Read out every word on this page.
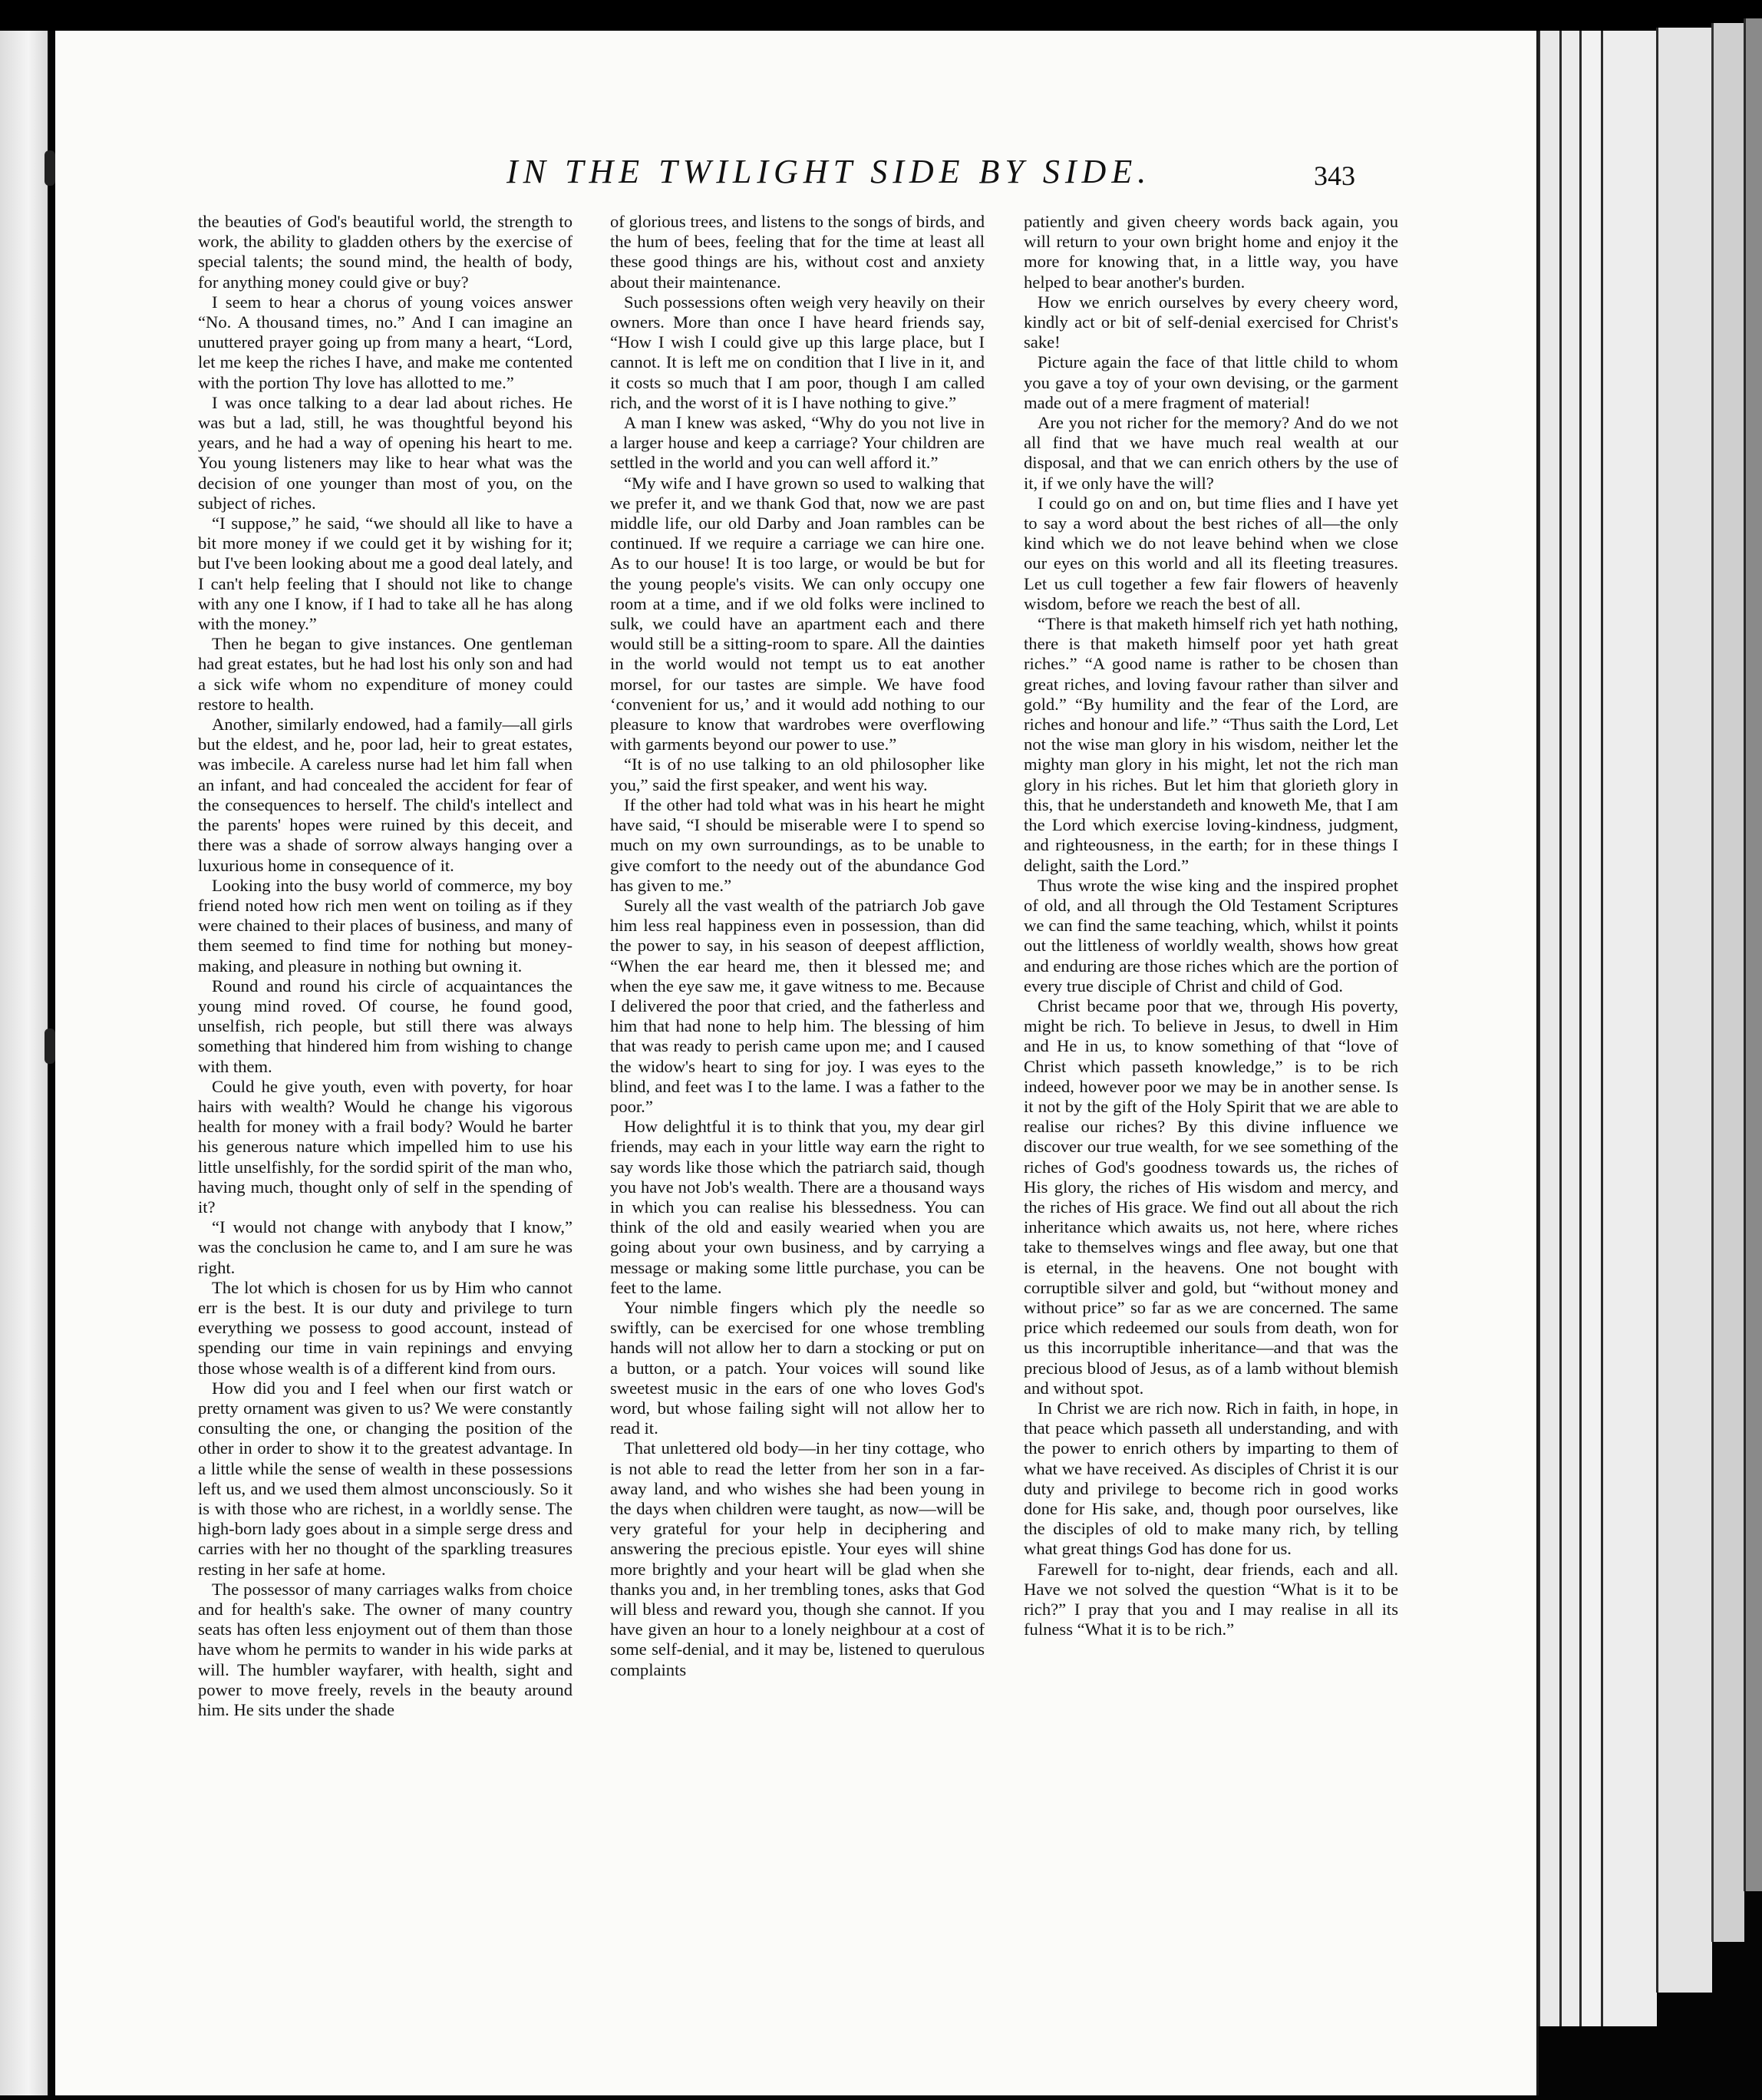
IN THE TWILIGHT SIDE BY SIDE.	343

the beauties of God's beautiful world, the strength to work, the ability to gladden others by the exercise of special talents; the sound mind, the health of body, for anything money could give or buy?

I seem to hear a chorus of young voices answer “No. A thousand times, no.” And I can imagine an unuttered prayer going up from many a heart, “Lord, let me keep the riches I have, and make me contented with the portion Thy love has allotted to me.”

I was once talking to a dear lad about riches. He was but a lad, still, he was thoughtful beyond his years, and he had a way of opening his heart to me. You young listeners may like to hear what was the decision of one younger than most of you, on the subject of riches.

“I suppose,” he said, “we should all like to have a bit more money if we could get it by wishing for it; but I've been looking about me a good deal lately, and I can't help feeling that I should not like to change with any one I know, if I had to take all he has along with the money.”

Then he began to give instances. One gentleman had great estates, but he had lost his only son and had a sick wife whom no expenditure of money could restore to health.

Another, similarly endowed, had a family—all girls but the eldest, and he, poor lad, heir to great estates, was imbecile. A careless nurse had let him fall when an infant, and had concealed the accident for fear of the consequences to herself. The child's intellect and the parents' hopes were ruined by this deceit, and there was a shade of sorrow always hanging over a luxurious home in consequence of it.

Looking into the busy world of commerce, my boy friend noted how rich men went on toiling as if they were chained to their places of business, and many of them seemed to find time for nothing but money-making, and pleasure in nothing but owning it.

Round and round his circle of acquaintances the young mind roved. Of course, he found good, unselfish, rich people, but still there was always something that hindered him from wishing to change with them.

Could he give youth, even with poverty, for hoar hairs with wealth? Would he change his vigorous health for money with a frail body? Would he barter his generous nature which impelled him to use his little unselfishly, for the sordid spirit of the man who, having much, thought only of self in the spending of it?

“I would not change with anybody that I know,” was the conclusion he came to, and I am sure he was right.

The lot which is chosen for us by Him who cannot err is the best. It is our duty and privilege to turn everything we possess to good account, instead of spending our time in vain repinings and envying those whose wealth is of a different kind from ours.

How did you and I feel when our first watch or pretty ornament was given to us? We were constantly consulting the one, or changing the position of the other in order to show it to the greatest advantage. In a little while the sense of wealth in these possessions left us, and we used them almost unconsciously. So it is with those who are richest, in a worldly sense. The high-born lady goes about in a simple serge dress and carries with her no thought of the sparkling treasures resting in her safe at home.

The possessor of many carriages walks from choice and for health's sake. The owner of many country seats has often less enjoyment out of them than those have whom he permits to wander in his wide parks at will. The humbler wayfarer, with health, sight and power to move freely, revels in the beauty around him. He sits under the shade

of glorious trees, and listens to the songs of birds, and the hum of bees, feeling that for the time at least all these good things are his, without cost and anxiety about their maintenance.

Such possessions often weigh very heavily on their owners. More than once I have heard friends say, “How I wish I could give up this large place, but I cannot. It is left me on condition that I live in it, and it costs so much that I am poor, though I am called rich, and the worst of it is I have nothing to give.”

A man I knew was asked, “Why do you not live in a larger house and keep a carriage? Your children are settled in the world and you can well afford it.”

“My wife and I have grown so used to walking that we prefer it, and we thank God that, now we are past middle life, our old Darby and Joan rambles can be continued. If we require a carriage we can hire one. As to our house! It is too large, or would be but for the young people's visits. We can only occupy one room at a time, and if we old folks were inclined to sulk, we could have an apartment each and there would still be a sitting-room to spare. All the dainties in the world would not tempt us to eat another morsel, for our tastes are simple. We have food ‘convenient for us,’ and it would add nothing to our pleasure to know that wardrobes were overflowing with garments beyond our power to use.”

“It is of no use talking to an old philosopher like you,” said the first speaker, and went his way.

If the other had told what was in his heart he might have said, “I should be miserable were I to spend so much on my own surroundings, as to be unable to give comfort to the needy out of the abundance God has given to me.”

Surely all the vast wealth of the patriarch Job gave him less real happiness even in possession, than did the power to say, in his season of deepest affliction, “When the ear heard me, then it blessed me; and when the eye saw me, it gave witness to me. Because I delivered the poor that cried, and the fatherless and him that had none to help him. The blessing of him that was ready to perish came upon me; and I caused the widow's heart to sing for joy. I was eyes to the blind, and feet was I to the lame. I was a father to the poor.”

How delightful it is to think that you, my dear girl friends, may each in your little way earn the right to say words like those which the patriarch said, though you have not Job's wealth. There are a thousand ways in which you can realise his blessedness. You can think of the old and easily wearied when you are going about your own business, and by carrying a message or making some little purchase, you can be feet to the lame.

Your nimble fingers which ply the needle so swiftly, can be exercised for one whose trembling hands will not allow her to darn a stocking or put on a button, or a patch. Your voices will sound like sweetest music in the ears of one who loves God's word, but whose failing sight will not allow her to read it.

That unlettered old body—in her tiny cottage, who is not able to read the letter from her son in a far-away land, and who wishes she had been young in the days when children were taught, as now—will be very grateful for your help in deciphering and answering the precious epistle. Your eyes will shine more brightly and your heart will be glad when she thanks you and, in her trembling tones, asks that God will bless and reward you, though she cannot. If you have given an hour to a lonely neighbour at a cost of some self-denial, and it may be, listened to querulous complaints

patiently and given cheery words back again, you will return to your own bright home and enjoy it the more for knowing that, in a little way, you have helped to bear another's burden.

How we enrich ourselves by every cheery word, kindly act or bit of self-denial exercised for Christ's sake!

Picture again the face of that little child to whom you gave a toy of your own devising, or the garment made out of a mere fragment of material!

Are you not richer for the memory? And do we not all find that we have much real wealth at our disposal, and that we can enrich others by the use of it, if we only have the will?

I could go on and on, but time flies and I have yet to say a word about the best riches of all—the only kind which we do not leave behind when we close our eyes on this world and all its fleeting treasures. Let us cull together a few fair flowers of heavenly wisdom, before we reach the best of all.

“There is that maketh himself rich yet hath nothing, there is that maketh himself poor yet hath great riches.” “A good name is rather to be chosen than great riches, and loving favour rather than silver and gold.” “By humility and the fear of the Lord, are riches and honour and life.” “Thus saith the Lord, Let not the wise man glory in his wisdom, neither let the mighty man glory in his might, let not the rich man glory in his riches. But let him that glorieth glory in this, that he understandeth and knoweth Me, that I am the Lord which exercise loving-kindness, judgment, and righteousness, in the earth; for in these things I delight, saith the Lord.”

Thus wrote the wise king and the inspired prophet of old, and all through the Old Testament Scriptures we can find the same teaching, which, whilst it points out the littleness of worldly wealth, shows how great and enduring are those riches which are the portion of every true disciple of Christ and child of God.

Christ became poor that we, through His poverty, might be rich. To believe in Jesus, to dwell in Him and He in us, to know something of that “love of Christ which passeth knowledge,” is to be rich indeed, however poor we may be in another sense. Is it not by the gift of the Holy Spirit that we are able to realise our riches? By this divine influence we discover our true wealth, for we see something of the riches of God's goodness towards us, the riches of His glory, the riches of His wisdom and mercy, and the riches of His grace. We find out all about the rich inheritance which awaits us, not here, where riches take to themselves wings and flee away, but one that is eternal, in the heavens. One not bought with corruptible silver and gold, but “without money and without price” so far as we are concerned. The same price which redeemed our souls from death, won for us this incorruptible inheritance—and that was the precious blood of Jesus, as of a lamb without blemish and without spot.

In Christ we are rich now. Rich in faith, in hope, in that peace which passeth all understanding, and with the power to enrich others by imparting to them of what we have received. As disciples of Christ it is our duty and privilege to become rich in good works done for His sake, and, though poor ourselves, like the disciples of old to make many rich, by telling what great things God has done for us.

Farewell for to-night, dear friends, each and all. Have we not solved the question “What is it to be rich?” I pray that you and I may realise in all its fulness “What it is to be rich.”
